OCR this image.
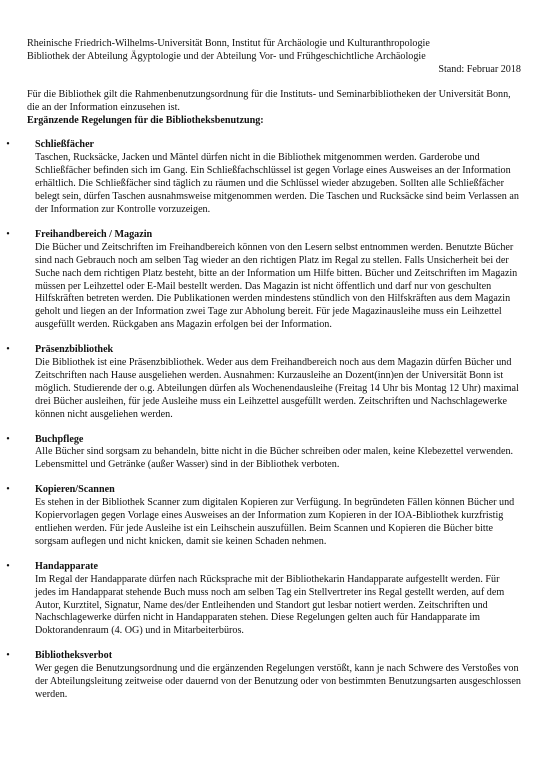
Rheinische Friedrich-Wilhelms-Universität Bonn, Institut für Archäologie und Kulturanthropologie

Bibliothek der Abteilung Ägyptologie und der Abteilung Vor- und Frühgeschichtliche Archäologie

Stand: Februar 2018

Für die Bibliothek gilt die Rahmenbenutzungsordnung für die Instituts- und Seminarbibliotheken der Universität Bonn, die an der Information einzusehen ist.

Ergänzende Regelungen für die Bibliotheksbenutzung:

•	Schließfächer

Taschen, Rucksäcke, Jacken und Mäntel dürfen nicht in die Bibliothek mitgenommen werden. Garderobe und Schließfächer befinden sich im Gang. Ein Schließfachschlüssel ist gegen Vorlage eines Ausweises an der Information erhältlich. Die Schließfächer sind täglich zu räumen und die Schlüssel wieder abzugeben. Sollten alle Schließfächer belegt sein, dürfen Taschen ausnahmsweise mitgenommen werden. Die Taschen und Rucksäcke sind beim Verlassen an der Information zur Kontrolle vorzuzeigen.

•	Freihandbereich / Magazin

Die Bücher und Zeitschriften im Freihandbereich können von den Lesern selbst entnommen werden. Benutzte Bücher sind nach Gebrauch noch am selben Tag wieder an den richtigen Platz im Regal zu stellen. Falls Unsicherheit bei der Suche nach dem richtigen Platz besteht, bitte an der Information um Hilfe bitten. Bücher und Zeitschriften im Magazin müssen per Leihzettel oder E-Mail bestellt werden. Das Magazin ist nicht öffentlich und darf nur von geschulten Hilfskräften betreten werden. Die Publikationen werden mindestens stündlich von den Hilfskräften aus dem Magazin geholt und liegen an der Information zwei Tage zur Abholung bereit. Für jede Magazinausleihe muss ein Leihzettel ausgefüllt werden. Rückgaben ans Magazin erfolgen bei der Information.

•	Präsenzbibliothek

Die Bibliothek ist eine Präsenzbibliothek. Weder aus dem Freihandbereich noch aus dem Magazin dürfen Bücher und Zeitschriften nach Hause ausgeliehen werden. Ausnahmen: Kurzausleihe an Dozent(inn)en der Universität Bonn ist möglich. Studierende der o.g. Abteilungen dürfen als Wochenendausleihe (Freitag 14 Uhr bis Montag 12 Uhr) maximal drei Bücher ausleihen, für jede Ausleihe muss ein Leihzettel ausgefüllt werden. Zeitschriften und Nachschlagewerke können nicht ausgeliehen werden.

•	Buchpflege

Alle Bücher sind sorgsam zu behandeln, bitte nicht in die Bücher schreiben oder malen, keine Klebezettel verwenden. Lebensmittel und Getränke (außer Wasser) sind in der Bibliothek verboten.

•	Kopieren/Scannen

Es stehen in der Bibliothek Scanner zum digitalen Kopieren zur Verfügung. In begründeten Fällen können Bücher und Kopiervorlagen gegen Vorlage eines Ausweises an der Information zum Kopieren in der IOA-Bibliothek kurzfristig entliehen werden. Für jede Ausleihe ist ein Leihschein auszufüllen. Beim Scannen und Kopieren die Bücher bitte sorgsam auflegen und nicht knicken, damit sie keinen Schaden nehmen.

•	Handapparate

Im Regal der Handapparate dürfen nach Rücksprache mit der Bibliothekarin Handapparate aufgestellt werden. Für jedes im Handapparat stehende Buch muss noch am selben Tag ein Stellvertreter ins Regal gestellt werden, auf dem Autor, Kurztitel, Signatur, Name des/der Entleihenden und Standort gut lesbar notiert werden. Zeitschriften und Nachschlagewerke dürfen nicht in Handapparaten stehen. Diese Regelungen gelten auch für Handapparate im Doktorandenraum (4. OG) und in Mitarbeiterbüros.

•	Bibliotheksverbot

Wer gegen die Benutzungsordnung und die ergänzenden Regelungen verstößt, kann je nach Schwere des Verstoßes von der Abteilungsleitung zeitweise oder dauernd von der Benutzung oder von bestimmten Benutzungsarten ausgeschlossen werden.
